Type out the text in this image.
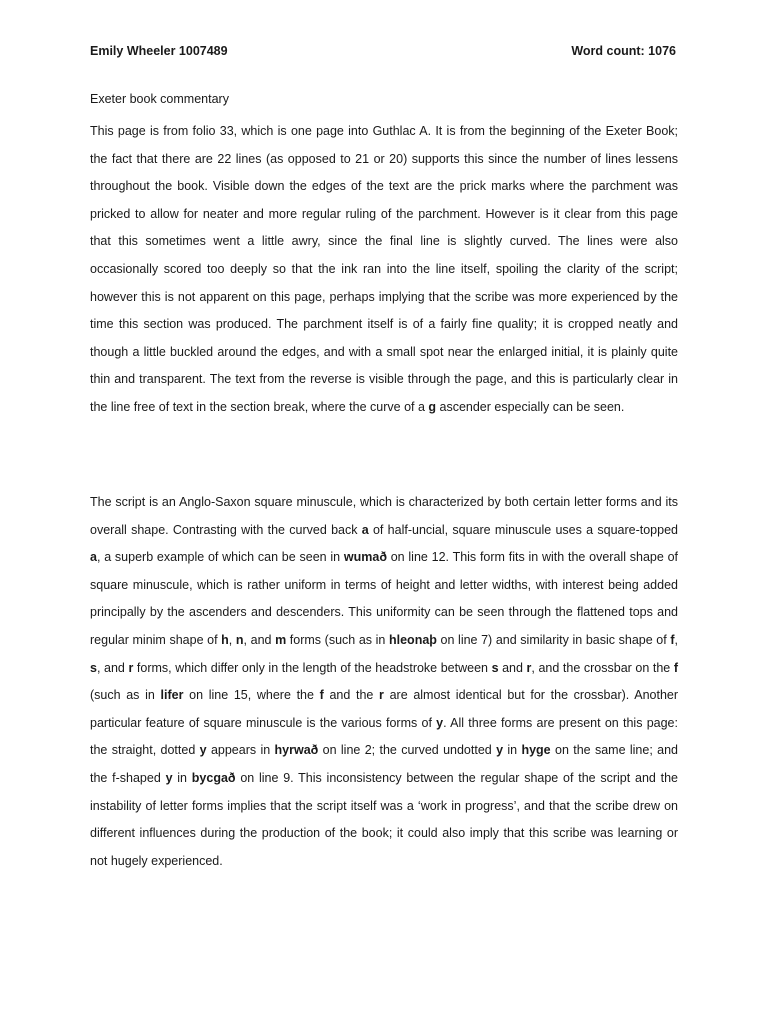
Emily Wheeler 1007489	Word count: 1076
Exeter book commentary

This page is from folio 33, which is one page into Guthlac A. It is from the beginning of the Exeter Book; the fact that there are 22 lines (as opposed to 21 or 20) supports this since the number of lines lessens throughout the book. Visible down the edges of the text are the prick marks where the parchment was pricked to allow for neater and more regular ruling of the parchment. However is it clear from this page that this sometimes went a little awry, since the final line is slightly curved. The lines were also occasionally scored too deeply so that the ink ran into the line itself, spoiling the clarity of the script; however this is not apparent on this page, perhaps implying that the scribe was more experienced by the time this section was produced. The parchment itself is of a fairly fine quality; it is cropped neatly and though a little buckled around the edges, and with a small spot near the enlarged initial, it is plainly quite thin and transparent. The text from the reverse is visible through the page, and this is particularly clear in the line free of text in the section break, where the curve of a g ascender especially can be seen.

The script is an Anglo-Saxon square minuscule, which is characterized by both certain letter forms and its overall shape. Contrasting with the curved back a of half-uncial, square minuscule uses a square-topped a, a superb example of which can be seen in wumað on line 12. This form fits in with the overall shape of square minuscule, which is rather uniform in terms of height and letter widths, with interest being added principally by the ascenders and descenders. This uniformity can be seen through the flattened tops and regular minim shape of h, n, and m forms (such as in hleonaþ on line 7) and similarity in basic shape of f, s, and r forms, which differ only in the length of the headstroke between s and r, and the crossbar on the f (such as in lifer on line 15, where the f and the r are almost identical but for the crossbar). Another particular feature of square minuscule is the various forms of y. All three forms are present on this page: the straight, dotted y appears in hyrwað on line 2; the curved undotted y in hyge on the same line; and the f-shaped y in bycgað on line 9. This inconsistency between the regular shape of the script and the instability of letter forms implies that the script itself was a ‘work in progress’, and that the scribe drew on different influences during the production of the book; it could also imply that this scribe was learning or not hugely experienced.
